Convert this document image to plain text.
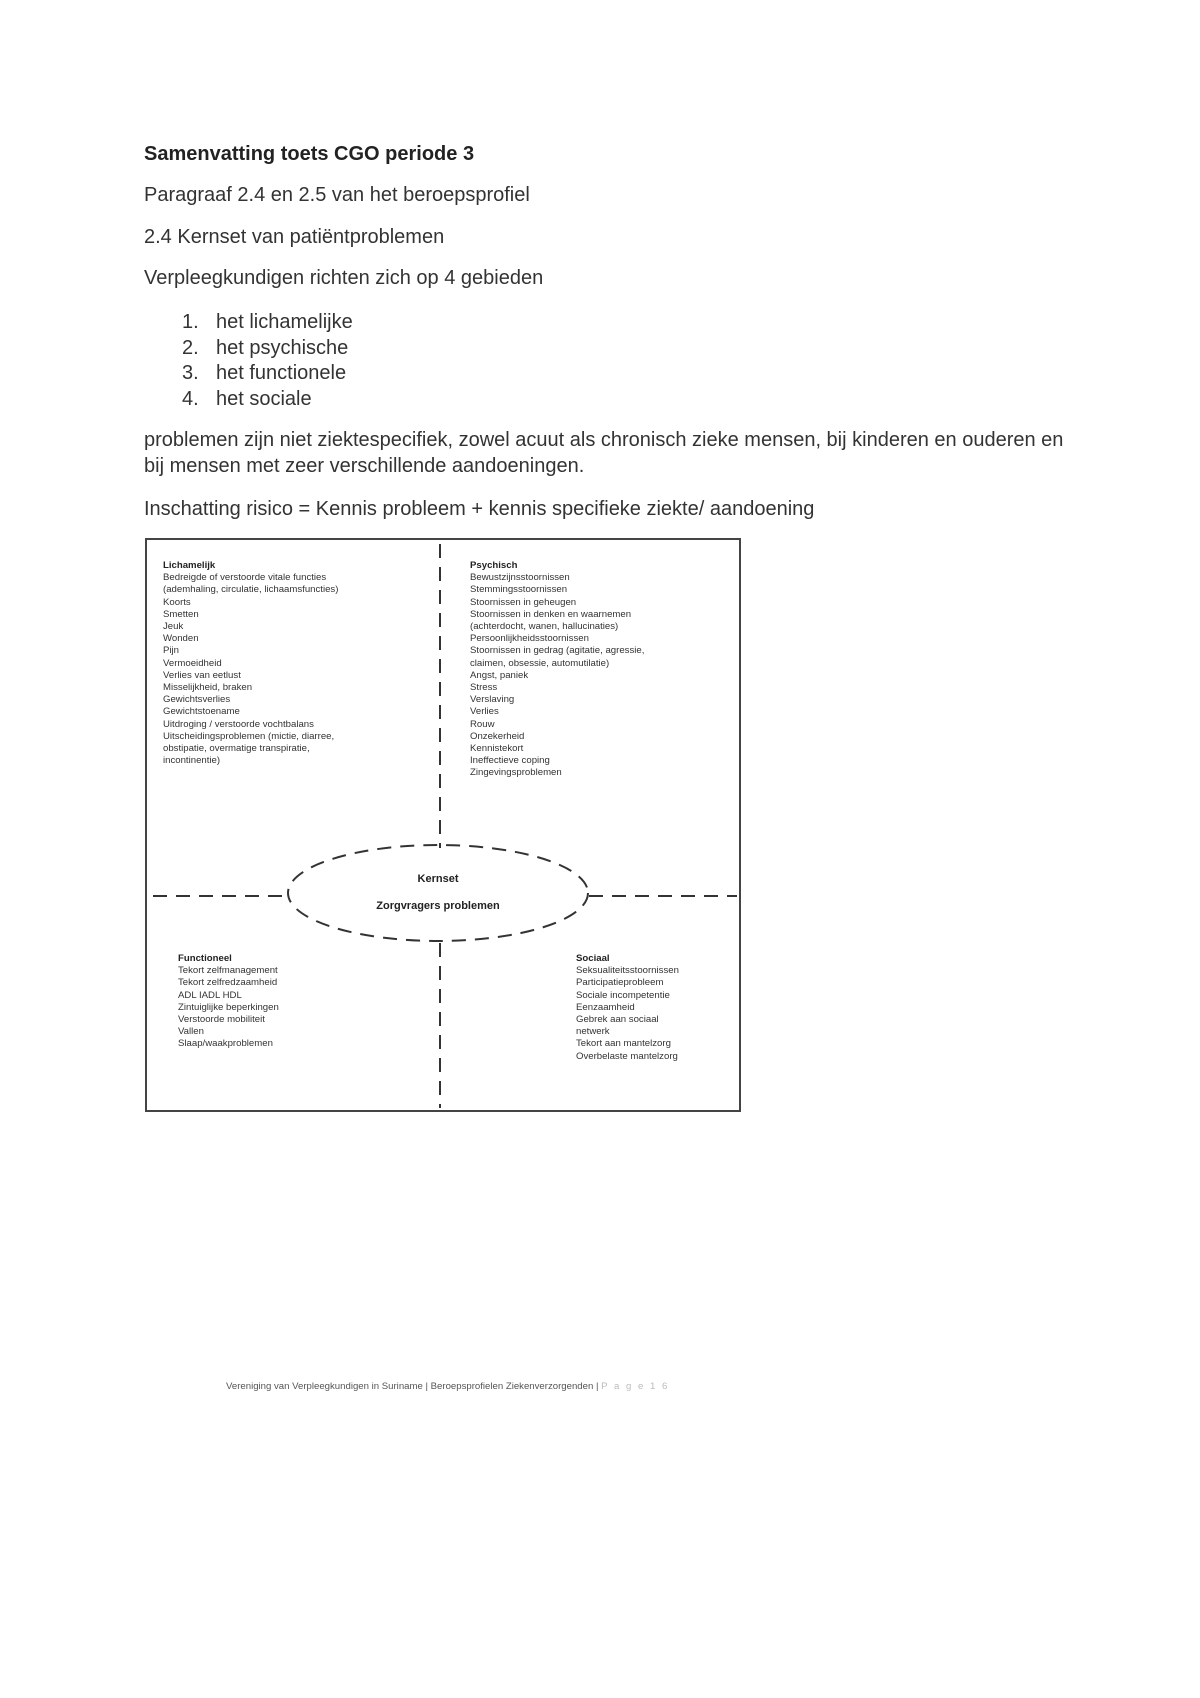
Samenvatting toets CGO periode 3
Paragraaf 2.4 en 2.5 van het beroepsprofiel
2.4 Kernset van patiëntproblemen
Verpleegkundigen richten zich op 4 gebieden
1. het lichamelijke
2. het psychische
3. het functionele
4. het sociale
problemen zijn niet ziektespecifiek, zowel acuut als chronisch zieke mensen, bij kinderen en ouderen en bij mensen met zeer verschillende aandoeningen.
Inschatting risico = Kennis probleem + kennis specifieke ziekte/ aandoening
Kernset
Zorgvragers problemen
Lichamelijk
Bedreigde of verstoorde vitale functies
(ademhaling, circulatie, lichaamsfuncties)
Koorts
Smetten
Jeuk
Wonden
Pijn
Vermoeidheid
Verlies van eetlust
Misselijkheid, braken
Gewichtsverlies
Gewichtstoename
Uitdroging / verstoorde vochtbalans
Uitscheidingsproblemen (mictie, diarree,
obstipatie, overmatige transpiratie,
incontinentie)
Psychisch
Bewustzijnsstoornissen
Stemmingsstoornissen
Stoornissen in geheugen
Stoornissen in denken en waarnemen
(achterdocht, wanen, hallucinaties)
Persoonlijkheidsstoornissen
Stoornissen in gedrag (agitatie, agressie,
claimen, obsessie, automutilatie)
Angst, paniek
Stress
Verslaving
Verlies
Rouw
Onzekerheid
Kennistekort
Ineffectieve coping
Zingevingsproblemen
Functioneel
Tekort zelfmanagement
Tekort zelfredzaamheid
ADL IADL HDL
Zintuiglijke beperkingen
Verstoorde mobiliteit
Vallen
Slaap/waakproblemen
Sociaal
Seksualiteitsstoornissen
Participatieprobleem
Sociale incompetentie
Eenzaamheid
Gebrek aan sociaal
netwerk
Tekort aan mantelzorg
Overbelaste mantelzorg
Vereniging van Verpleegkundigen in Suriname | Beroepsprofielen Ziekenverzorgenden | P a g e 1 6
